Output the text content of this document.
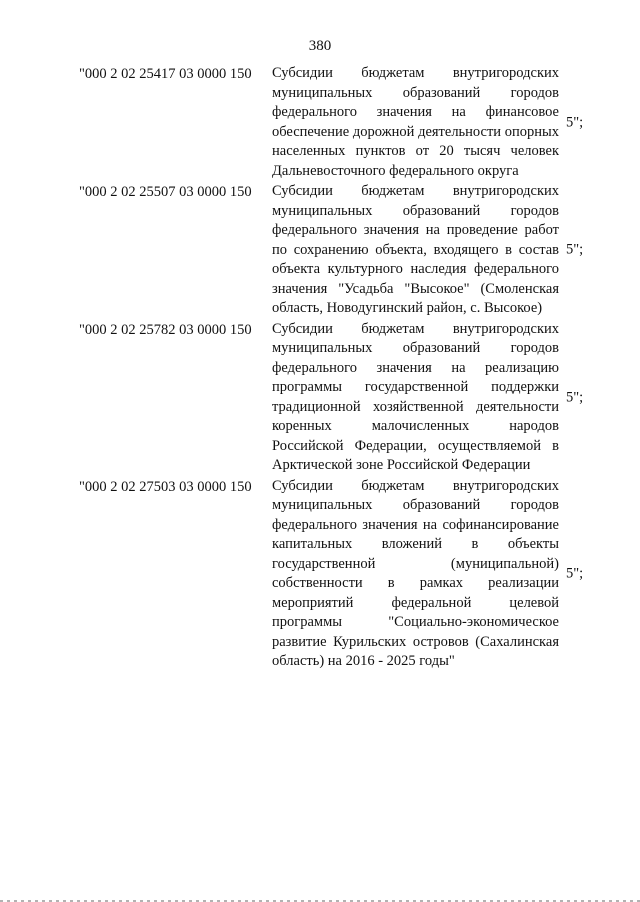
380
"000 2 02 25417 03 0000 150 Субсидии бюджетам внутригородских муниципальных образований городов федерального значения на финансовое обеспечение дорожной деятельности опорных населенных пунктов от 20 тысяч человек Дальневосточного федерального округа
5";
"000 2 02 25507 03 0000 150 Субсидии бюджетам внутригородских муниципальных образований городов федерального значения на проведение работ по сохранению объекта, входящего в состав объекта культурного наследия федерального значения "Усадьба "Высокое" (Смоленская область, Новодугинский район, с. Высокое)
5";
"000 2 02 25782 03 0000 150 Субсидии бюджетам внутригородских муниципальных образований городов федерального значения на реализацию программы государственной поддержки традиционной хозяйственной деятельности коренных малочисленных народов Российской Федерации, осуществляемой в Арктической зоне Российской Федерации
5";
"000 2 02 27503 03 0000 150 Субсидии бюджетам внутригородских муниципальных образований городов федерального значения на софинансирование капитальных вложений в объекты государственной (муниципальной) собственности в рамках реализации мероприятий федеральной целевой программы "Социально-экономическое развитие Курильских островов (Сахалинская область) на 2016 - 2025 годы"
5";
